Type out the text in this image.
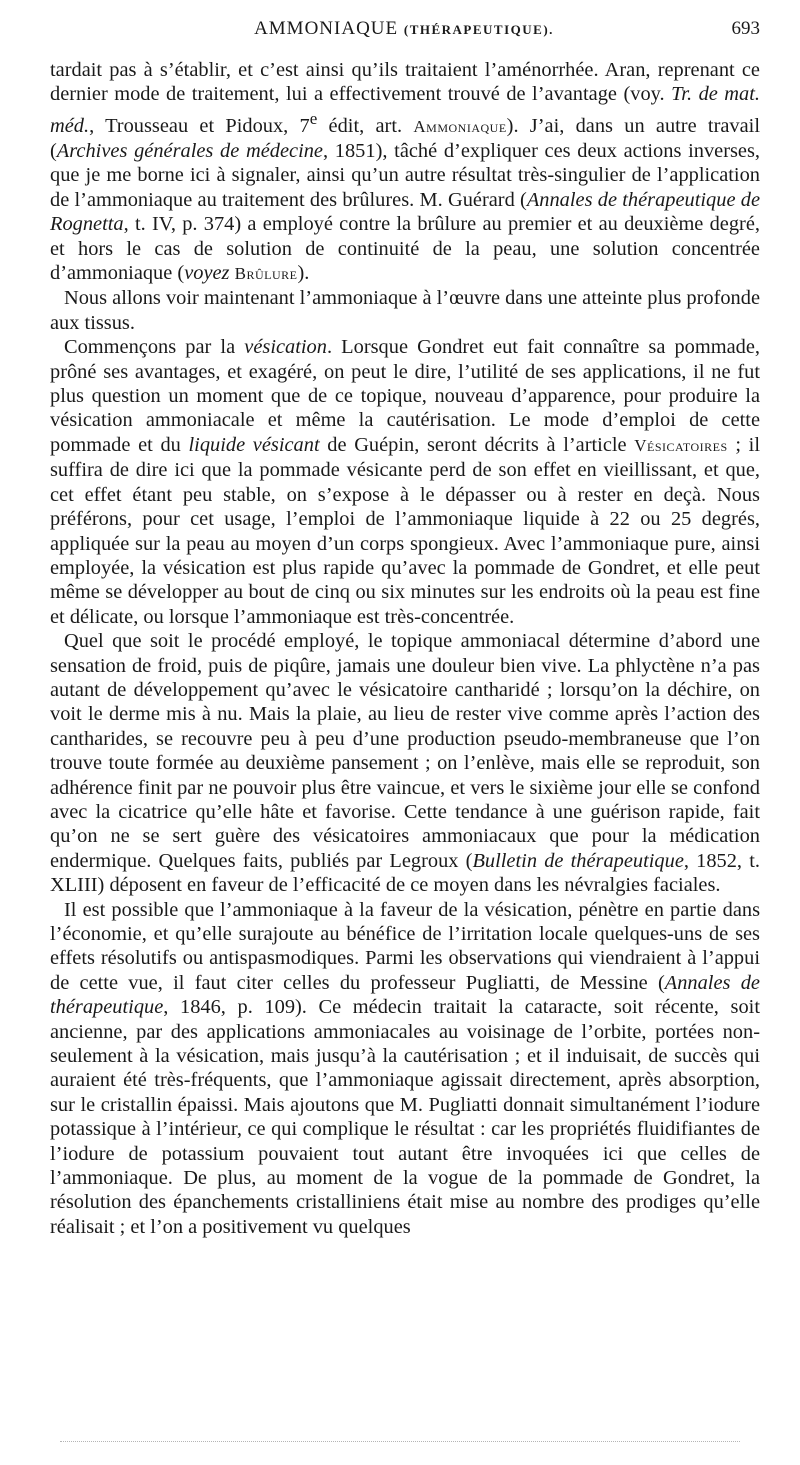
AMMONIAQUE (THÉRAPEUTIQUE).	693

tardait pas à s’établir, et c’est ainsi qu’ils traitaient l’aménorrhée. Aran, reprenant ce dernier mode de traitement, lui a effectivement trouvé de l’avantage (voy. Tr. de mat. méd., Trousseau et Pidoux, 7e édit, art. Ammoniaque). J’ai, dans un autre travail (Archives générales de médecine, 1851), tâché d’expliquer ces deux actions inverses, que je me borne ici à signaler, ainsi qu’un autre résultat très-singulier de l’application de l’ammoniaque au traitement des brûlures. M. Guérard (Annales de thérapeutique de Rognetta, t. IV, p. 374) a employé contre la brûlure au premier et au deuxième degré, et hors le cas de solution de continuité de la peau, une solution concentrée d’ammoniaque (voyez Brûlure).

Nous allons voir maintenant l’ammoniaque à l’œuvre dans une atteinte plus profonde aux tissus.

Commençons par la vésication. Lorsque Gondret eut fait connaître sa pommade, prôné ses avantages, et exagéré, on peut le dire, l’utilité de ses applications, il ne fut plus question un moment que de ce topique, nouveau d’apparence, pour produire la vésication ammoniacale et même la cautérisation. Le mode d’emploi de cette pommade et du liquide vésicant de Guépin, seront décrits à l’article Vésicatoires ; il suffira de dire ici que la pommade vésicante perd de son effet en vieillissant, et que, cet effet étant peu stable, on s’expose à le dépasser ou à rester en deçà. Nous préférons, pour cet usage, l’emploi de l’ammoniaque liquide à 22 ou 25 degrés, appliquée sur la peau au moyen d’un corps spongieux. Avec l’ammoniaque pure, ainsi employée, la vésication est plus rapide qu’avec la pommade de Gondret, et elle peut même se développer au bout de cinq ou six minutes sur les endroits où la peau est fine et délicate, ou lorsque l’ammoniaque est très-concentrée.

Quel que soit le procédé employé, le topique ammoniacal détermine d’abord une sensation de froid, puis de piqûre, jamais une douleur bien vive. La phlyctène n’a pas autant de développement qu’avec le vésicatoire cantharidé ; lorsqu’on la déchire, on voit le derme mis à nu. Mais la plaie, au lieu de rester vive comme après l’action des cantharides, se recouvre peu à peu d’une production pseudo-membraneuse que l’on trouve toute formée au deuxième pansement ; on l’enlève, mais elle se reproduit, son adhérence finit par ne pouvoir plus être vaincue, et vers le sixième jour elle se confond avec la cicatrice qu’elle hâte et favorise. Cette tendance à une guérison rapide, fait qu’on ne se sert guère des vésicatoires ammoniacaux que pour la médication endermique. Quelques faits, publiés par Legroux (Bulletin de thérapeutique, 1852, t. XLIII) déposent en faveur de l’efficacité de ce moyen dans les névralgies faciales.

Il est possible que l’ammoniaque à la faveur de la vésication, pénètre en partie dans l’économie, et qu’elle surajoute au bénéfice de l’irritation locale quelques-uns de ses effets résolutifs ou antispasmodiques. Parmi les observations qui viendraient à l’appui de cette vue, il faut citer celles du professeur Pugliatti, de Messine (Annales de thérapeutique, 1846, p. 109). Ce médecin traitait la cataracte, soit récente, soit ancienne, par des applications ammoniacales au voisinage de l’orbite, portées non-seulement à la vésication, mais jusqu’à la cautérisation ; et il induisait, de succès qui auraient été très-fréquents, que l’ammoniaque agissait directement, après absorption, sur le cristallin épaissi. Mais ajoutons que M. Pugliatti donnait simultanément l’iodure potassique à l’intérieur, ce qui complique le résultat : car les propriétés fluidifiantes de l’iodure de potassium pouvaient tout autant être invoquées ici que celles de l’ammoniaque. De plus, au moment de la vogue de la pommade de Gondret, la résolution des épanchements cristalliniens était mise au nombre des prodiges qu’elle réalisait ; et l’on a positivement vu quelques
